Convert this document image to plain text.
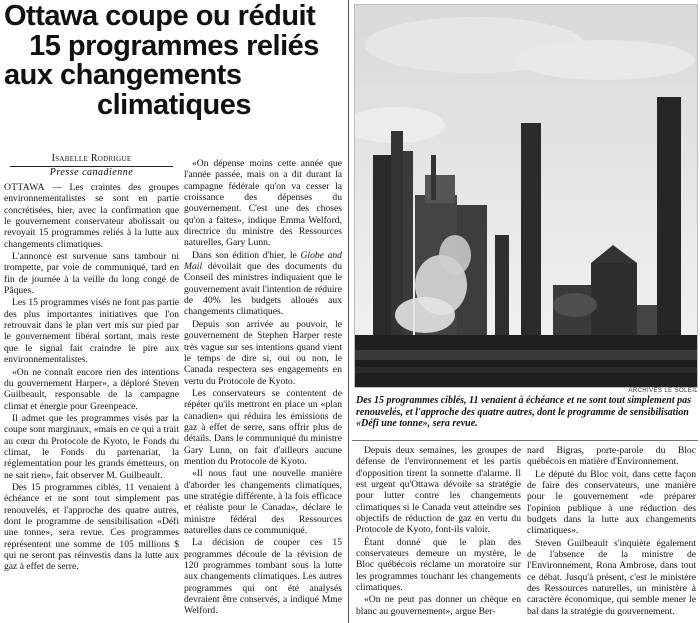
Ottawa coupe ou réduit
15 programmes reliés
aux changements
climatiques
Isabelle Rodrigue
Presse canadienne

OTTAWA — Les craintes des groupes environnementalistes se sont en partie concrétisées, hier, avec la confirmation que le gouvernement conservateur abolissait ou revoyait 15 programmes reliés à la lutte aux changements climatiques.

L'annonce est survenue sans tambour ni trompette, par voie de communiqué, tard en fin de journée à la veille du long congé de Pâques.

Les 15 programmes visés ne font pas partie des plus importantes initiatives que l'on retrouvait dans le plan vert mis sur pied par le gouvernement libéral sortant, mais reste que le signal fait craindre le pire aux environnementalistes.

«On ne connaît encore rien des intentions du gouvernement Harper», a déploré Steven Guilbeault, responsable de la campagne climat et énergie pour Greenpeace.

Il admet que les programmes visés par la coupe sont marginaux, «mais en ce qui a trait au cœur du Protocole de Kyoto, le Fonds du climat, le Fonds du partenariat, la réglementation pour les grands émetteurs, on ne sait rien», fait observer M. Guilbeault.

Des 15 programmes ciblés, 11 venaient à échéance et ne sont tout simplement pas renouvelés, et l'approche des quatre autres, dont le programme de sensibilisation «Défi une tonne», sera revue. Ces programmes représentent une somme de 105 millions $ qui ne seront pas réinvestis dans la lutte aux gaz à effet de serre.

«On dépense moins cette année que l'année passée, mais on a dit durant la campagne fédérale qu'on va cesser la croissance des dépenses du gouvernement. C'est une des choses qu'on a faites», indique Emma Welford, directrice du ministre des Ressources naturelles, Gary Lunn.

Dans son édition d'hier, le Globe and Mail dévoilait que des documents du Conseil des ministres indiquaient que le gouvernement avait l'intention de réduire de 40% les budgets alloués aux changements climatiques.

Depuis son arrivée au pouvoir, le gouvernement de Stephen Harper reste très vague sur ses intentions quand vient le temps de dire si, oui ou non, le Canada respectera ses engagements en vertu du Protocole de Kyoto.

Les conservateurs se contentent de répéter qu'ils mettront en place un «plan canadien» qui réduira les émissions de gaz à effet de serre, sans offrir plus de détails. Dans le communiqué du ministre Gary Lunn, on fait d'ailleurs aucune mention du Protocole de Kyoto.

«Il nous faut une nouvelle manière d'aborder les changements climatiques, une stratégie différente, à la fois efficace et réaliste pour le Canada», déclare le ministre fédéral des Ressources naturelles dans ce communiqué.

La décision de couper ces 15 programmes découle de la révision de 120 programmes tombant sous la lutte aux changements climatiques. Les autres programmes qui ont été analysés devraient être conservés, a indiqué Mme Welford.

ARCHIVES LE SOLEIL
Des 15 programmes ciblés, 11 venaient à échéance et ne sont tout simplement pas renouvelés, et l'approche des quatre autres, dont le programme de sensibilisation «Défi une tonne», sera revue.

Depuis deux semaines, les groupes de défense de l'environnement et les partis d'opposition tirent la sonnette d'alarme. Il est urgent qu'Ottawa dévoile sa stratégie pour lutter contre les changements climatiques si le Canada veut atteindre ses objectifs de réduction de gaz en vertu du Protocole de Kyoto, font-ils valoir.

Étant donné que le plan des conservateurs demeure un mystère, le Bloc québécois réclame un moratoire sur les programmes touchant les changements climatiques.

«On ne peut pas donner un chèque en blanc au gouvernement», argue Ber-

nard Bigras, porte-parole du Bloc québécois en matière d'Environnement.

Le député du Bloc voit, dans cette façon de faire des conservateurs, une manière pour le gouvernement «de préparer l'opinion publique à une réduction des budgets dans la lutte aux changements climatiques».

Steven Guilbeault s'inquiète également de l'absence de la ministre de l'Environnement, Rona Ambrose, dans tout ce débat. Jusqu'à présent, c'est le ministère des Ressources naturelles, un ministère à caractère économique, qui semble mener le bal dans la stratégie du gouvernement.
